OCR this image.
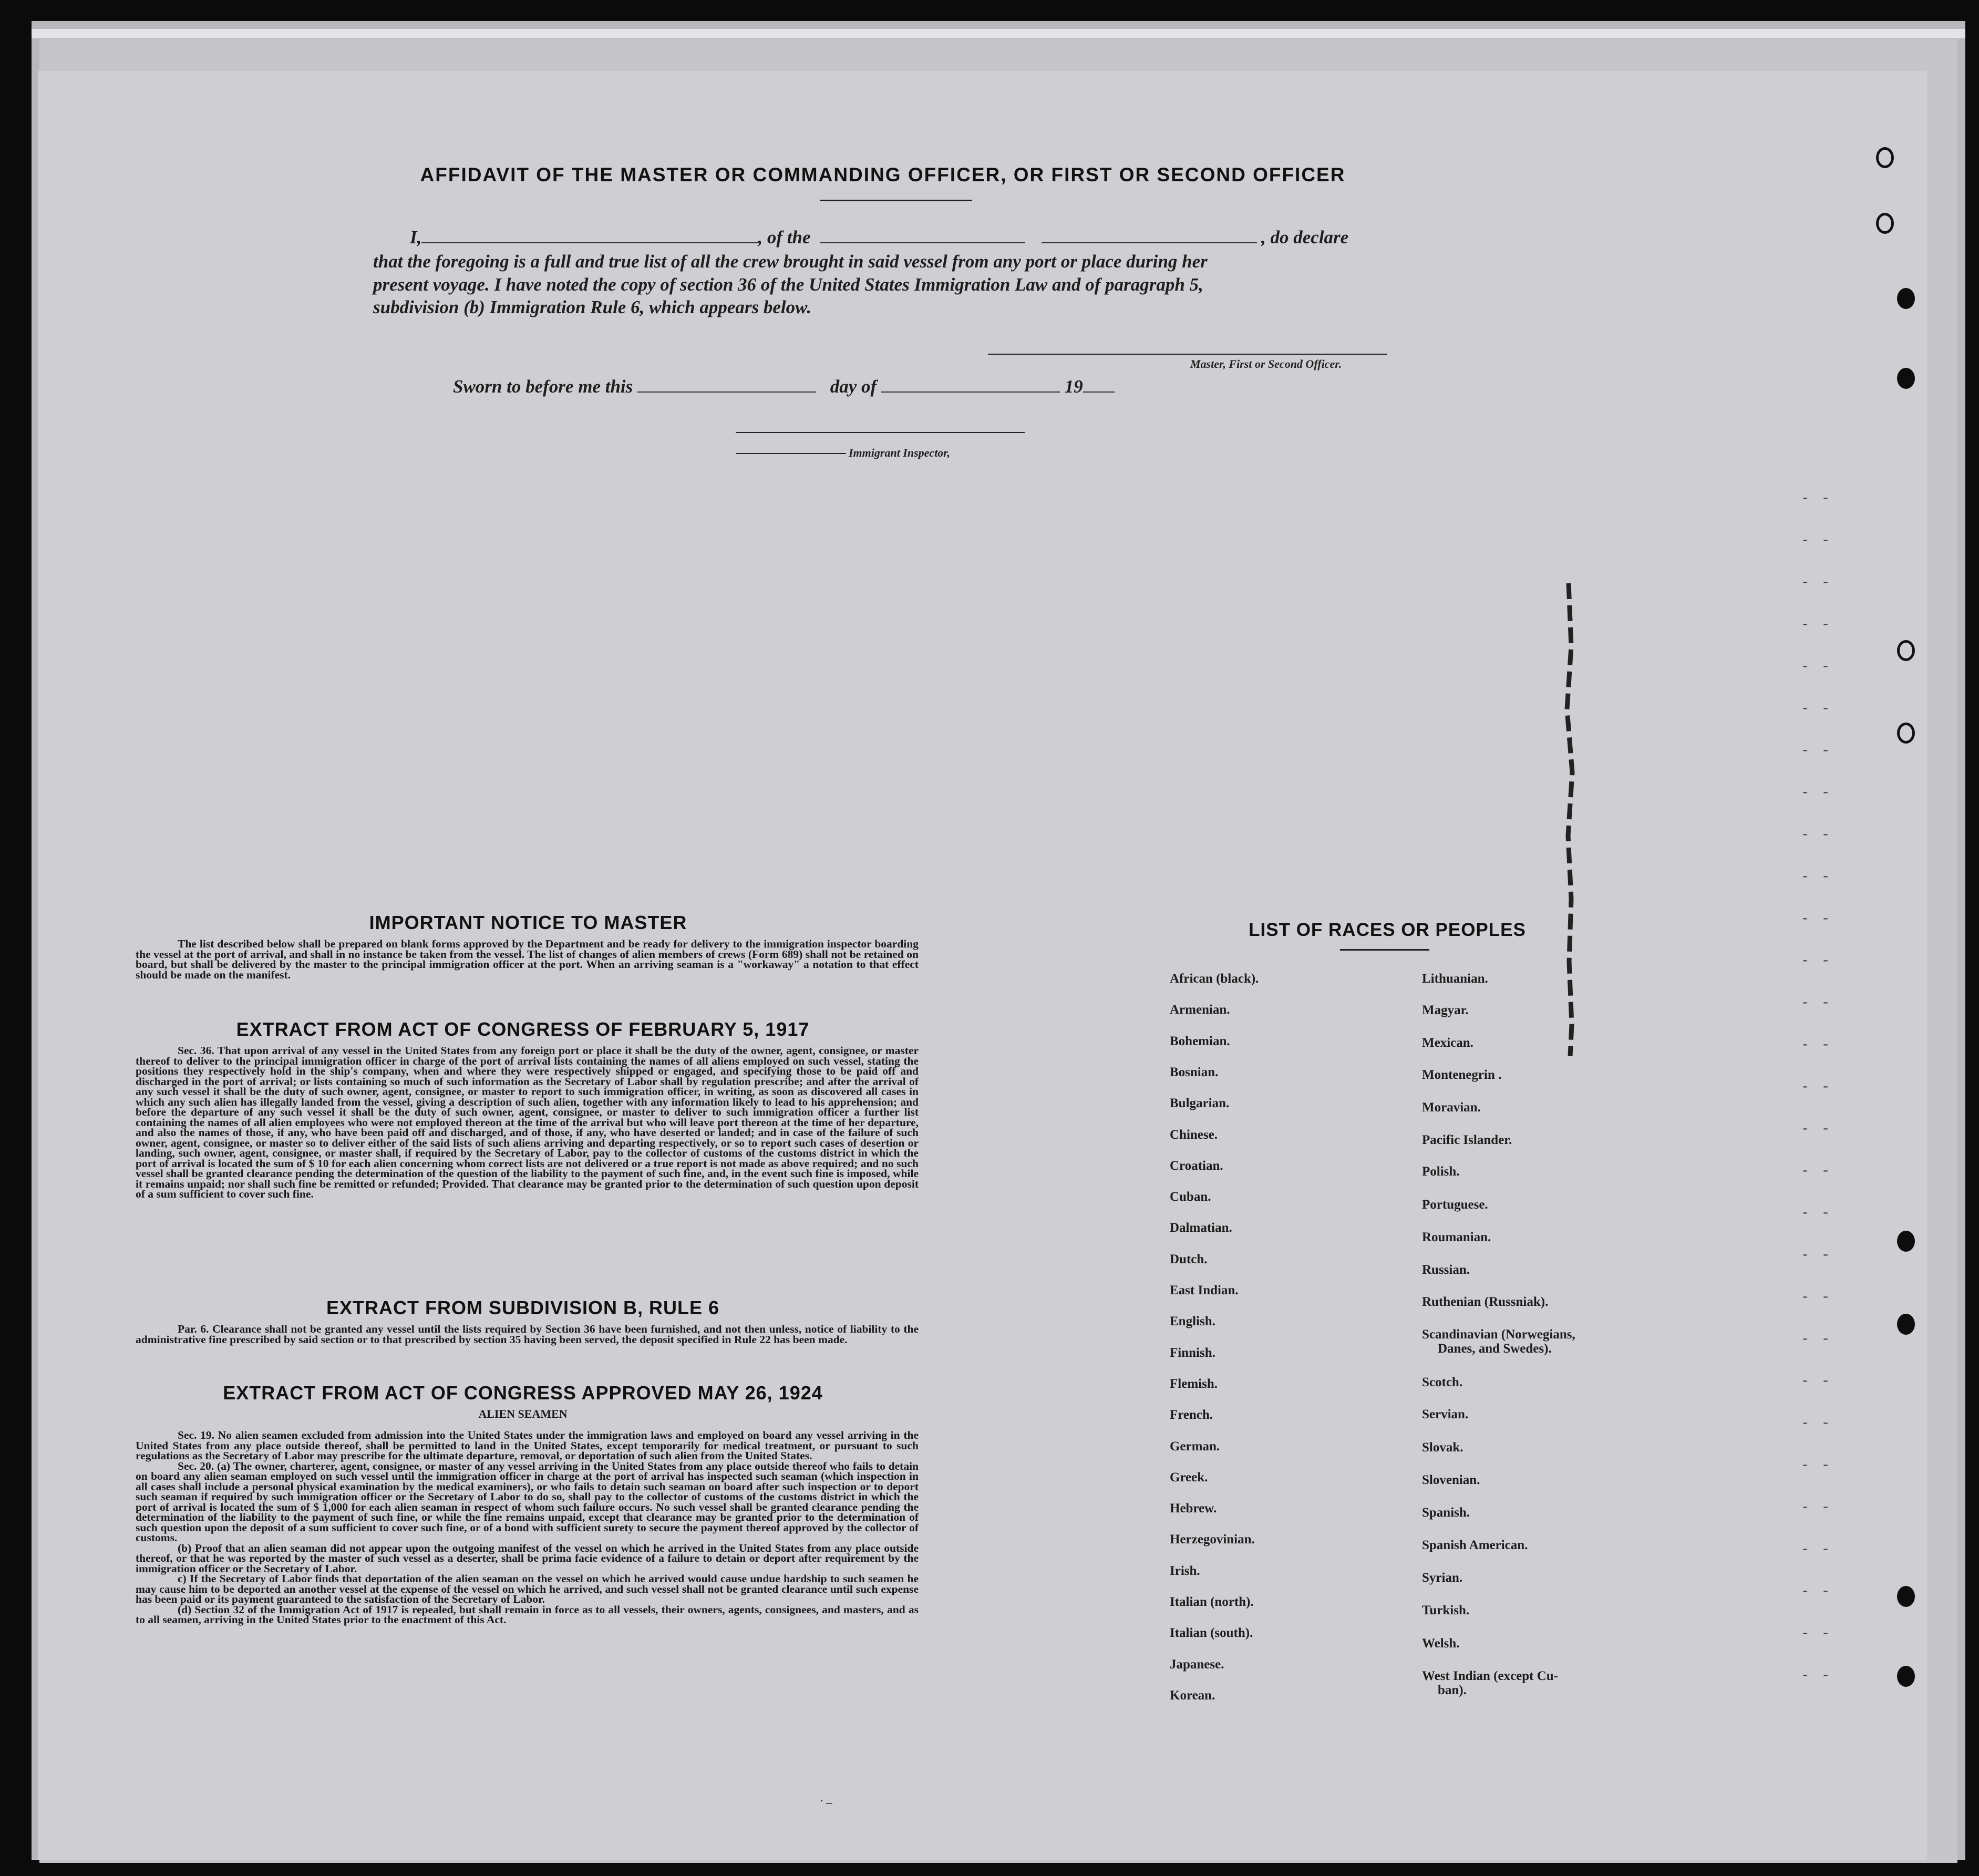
- -
- -
- -
- -
- -
- -
- -
- -
- -
- -
- -
- -
- -
- -
- -
- -
- -
- -
- -
- -
- -
- -
- -
- -
- -
- -
- -
- -
- -
AFFIDAVIT OF THE MASTER OR COMMANDING OFFICER, OR FIRST OR SECOND OFFICER
I,	, of the	, do declare
that the foregoing is a full and true list of all the crew brought in said vessel from any port or place during her
present voyage. I have noted the copy of section 36 of the United States Immigration Law and of paragraph 5,
subdivision (b) Immigration Rule 6, which appears below.
Master, First or Second Officer.
Sworn to before me this	day of	19
Immigrant Inspector,
IMPORTANT NOTICE TO MASTER

The list described below shall be prepared on blank forms approved by the Department and be ready for delivery to the immigration inspector boarding the vessel at the port of arrival, and shall in no instance be taken from the vessel. The list of changes of alien members of crews (Form 689) shall not be retained on board, but shall be delivered by the master to the principal immigration officer at the port. When an arriving seaman is a "workaway" a notation to that effect should be made on the manifest.

EXTRACT FROM ACT OF CONGRESS OF FEBRUARY 5, 1917

Sec. 36. That upon arrival of any vessel in the United States from any foreign port or place it shall be the duty of the owner, agent, consignee, or master thereof to deliver to the principal immigration officer in charge of the port of arrival lists containing the names of all aliens employed on such vessel, stating the positions they respectively hold in the ship's company, when and where they were respectively shipped or engaged, and specifying those to be paid off and discharged in the port of arrival; or lists containing so much of such information as the Secretary of Labor shall by regulation prescribe; and after the arrival of any such vessel it shall be the duty of such owner, agent, consignee, or master to report to such immigration officer, in writing, as soon as discovered all cases in which any such alien has illegally landed from the vessel, giving a description of such alien, together with any information likely to lead to his apprehension; and before the departure of any such vessel it shall be the duty of such owner, agent, consignee, or master to deliver to such immigration officer a further list containing the names of all alien employees who were not employed thereon at the time of the arrival but who will leave port thereon at the time of her departure, and also the names of those, if any, who have been paid off and discharged, and of those, if any, who have deserted or landed; and in case of the failure of such owner, agent, consignee, or master so to deliver either of the said lists of such aliens arriving and departing respectively, or so to report such cases of desertion or landing, such owner, agent, consignee, or master shall, if required by the Secretary of Labor, pay to the collector of customs of the customs district in which the port of arrival is located the sum of $ 10 for each alien concerning whom correct lists are not delivered or a true report is not made as above required; and no such vessel shall be granted clearance pending the determination of the question of the liability to the payment of such fine, and, in the event such fine is imposed, while it remains unpaid; nor shall such fine be remitted or refunded; Provided. That clearance may be granted prior to the determination of such question upon deposit of a sum sufficient to cover such fine.

EXTRACT FROM SUBDIVISION B, RULE 6

Par. 6. Clearance shall not be granted any vessel until the lists required by Section 36 have been furnished, and not then unless, notice of liability to the administrative fine prescribed by said section or to that prescribed by section 35 having been served, the deposit specified in Rule 22 has been made.

EXTRACT FROM ACT OF CONGRESS APPROVED MAY 26, 1924
ALIEN SEAMEN

Sec. 19. No alien seamen excluded from admission into the United States under the immigration laws and employed on board any vessel arriving in the United States from any place outside thereof, shall be permitted to land in the United States, except temporarily for medical treatment, or pursuant to such regulations as the Secretary of Labor may prescribe for the ultimate departure, removal, or deportation of such alien from the United States.

Sec. 20. (a) The owner, charterer, agent, consignee, or master of any vessel arriving in the United States from any place outside thereof who fails to detain on board any alien seaman employed on such vessel until the immigration officer in charge at the port of arrival has inspected such seaman (which inspection in all cases shall include a personal physical examination by the medical examiners), or who fails to detain such seaman on board after such inspection or to deport such seaman if required by such immigration officer or the Secretary of Labor to do so, shall pay to the collector of customs of the customs district in which the port of arrival is located the sum of $ 1,000 for each alien seaman in respect of whom such failure occurs. No such vessel shall be granted clearance pending the determination of the liability to the payment of such fine, or while the fine remains unpaid, except that clearance may be granted prior to the determination of such question upon the deposit of a sum sufficient to cover such fine, or of a bond with sufficient surety to secure the payment thereof approved by the collector of customs.

(b) Proof that an alien seaman did not appear upon the outgoing manifest of the vessel on which he arrived in the United States from any place outside thereof, or that he was reported by the master of such vessel as a deserter, shall be prima facie evidence of a failure to detain or deport after requirement by the immigration officer or the Secretary of Labor.

c) If the Secretary of Labor finds that deportation of the alien seaman on the vessel on which he arrived would cause undue hardship to such seamen he may cause him to be deported an another vessel at the expense of the vessel on which he arrived, and such vessel shall not be granted clearance until such expense has been paid or its payment guaranteed to the satisfaction of the Secretary of Labor.

(d) Section 32 of the Immigration Act of 1917 is repealed, but shall remain in force as to all vessels, their owners, agents, consignees, and masters, and as to all seamen, arriving in the United States prior to the enactment of this Act.

LIST OF RACES OR PEOPLES
African (black).
Armenian.
Bohemian.
Bosnian.
Bulgarian.
Chinese.
Croatian.
Cuban.
Dalmatian.
Dutch.
East Indian.
English.
Finnish.
Flemish.
French.
German.
Greek.
Hebrew.
Herzegovinian.
Irish.
Italian (north).
Italian (south).
Japanese.
Korean.
Lithuanian.
Magyar.
Mexican.
Montenegrin .
Moravian.
Pacific Islander.
Polish.
Portuguese.
Roumanian.
Russian.
Ruthenian (Russniak).
Scandinavian (Norwegians,
Danes, and Swedes).
Scotch.
Servian.
Slovak.
Slovenian.
Spanish.
Spanish American.
Syrian.
Turkish.
Welsh.
West Indian (except Cu-
ban).
˙⁻
